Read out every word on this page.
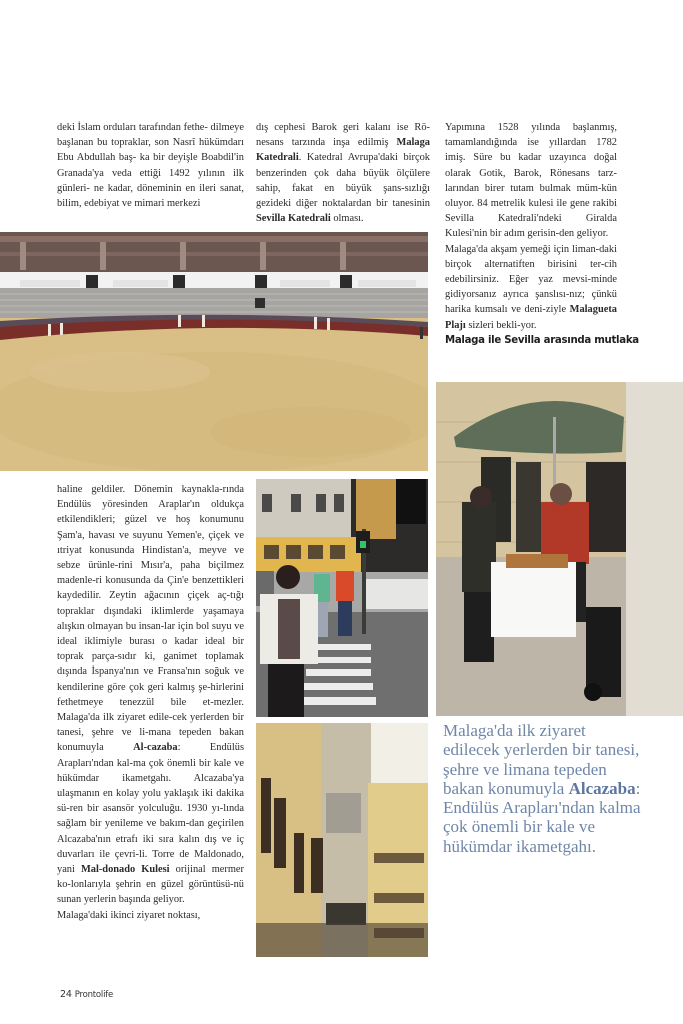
deki İslam orduları tarafından fethe- dilmeye başlanan bu topraklar, son Nasrî hükümdarı Ebu Abdullah baş- ka bir deyişle Boabdil'in Granada'ya veda ettiği 1492 yılının ilk günleri- ne kadar, döneminin en ileri sanat, bilim, edebiyat ve mimari merkezi

dış cephesi Barok geri kalanı ise Rö-nesans tarzında inşa edilmiş Malaga Katedrali. Katedral Avrupa'daki birçok benzerinden çok daha büyük ölçülere sahip, fakat en büyük şans-sızlığı gezideki diğer noktalardan bir tanesinin Sevilla Katedrali olması.

Yapımına 1528 yılında başlanmış, tamamlandığında ise yıllardan 1782 imiş. Süre bu kadar uzayınca doğal olarak Gotik, Barok, Rönesans tarz-larından birer tutam bulmak müm-kün oluyor. 84 metrelik kulesi ile gene rakibi Sevilla Katedrali'ndeki Giralda Kulesi'nin bir adım gerisin-den geliyor.

Malaga'da akşam yemeği için liman-daki birçok alternatiften birisini ter-cih edebilirsiniz. Eğer yaz mevsi-minde gidiyorsanız ayrıca şanslısı-nız; çünkü harika kumsalı ve deni-ziyle Malagueta Plajı sizleri bekli-yor.

Malaga ile Sevilla arasında mutlaka

haline geldiler. Dönemin kaynakla-rında Endülüs yöresinden Araplar'ın oldukça etkilendikleri; güzel ve hoş konumunu Şam'a, havası ve suyunu Yemen'e, çiçek ve ıtriyat konusunda Hindistan'a, meyve ve sebze ürünle-rini Mısır'a, paha biçilmez madenle-ri konusunda da Çin'e benzettikleri kaydedilir. Zeytin ağacının çiçek aç-tığı topraklar dışındaki iklimlerde yaşamaya alışkın olmayan bu insan-lar için bol suyu ve ideal iklimiyle burası o kadar ideal bir toprak parça-sıdır ki, ganimet toplamak dışında İspanya'nın ve Fransa'nın soğuk ve kendilerine göre çok geri kalmış şe-hirlerini fethetmeye tenezzül bile et-mezler. Malaga'da ilk ziyaret edile-cek yerlerden bir tanesi, şehre ve li-mana tepeden bakan konumuyla Al-cazaba: Endülüs Arapları'ndan kal-ma çok önemli bir kale ve hükümdar ikametgahı. Alcazaba'ya ulaşmanın en kolay yolu yaklaşık iki dakika sü-ren bir asansör yolculuğu. 1930 yı-lında sağlam bir yenileme ve bakım-dan geçirilen Alcazaba'nın etrafı iki sıra kalın dış ve iç duvarları ile çevri-li. Torre de Maldonado, yani Mal-donado Kulesi orijinal mermer ko-lonlarıyla şehrin en güzel görüntüsü-nü sunan yerlerin başında geliyor.

Malaga'daki ikinci ziyaret noktası,

Malaga'da ilk ziyaret edilecek yerlerden bir tanesi, şehre ve limana tepeden bakan konumuyla Alcazaba: Endülüs Arapları'ndan kalma çok önemli bir kale ve hükümdar ikametgahı.
24 Prontolife
